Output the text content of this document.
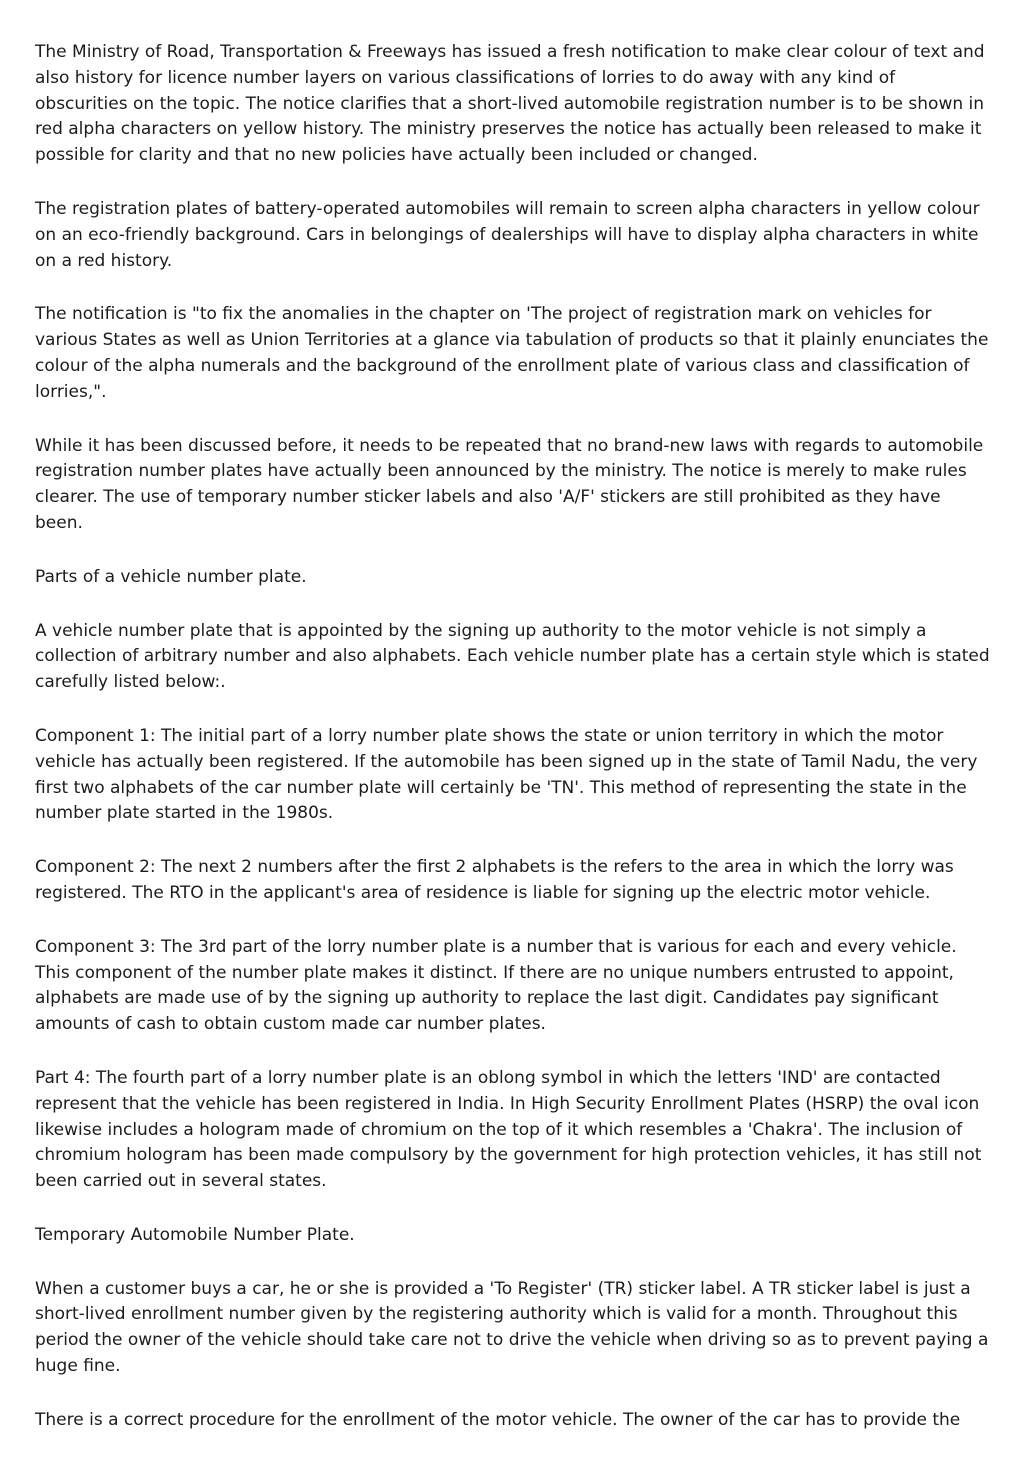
The Ministry of Road, Transportation & Freeways has issued a fresh notification to make clear colour of text and also history for licence number layers on various classifications of lorries to do away with any kind of obscurities on the topic. The notice clarifies that a short-lived automobile registration number is to be shown in red alpha characters on yellow history. The ministry preserves the notice has actually been released to make it possible for clarity and that no new policies have actually been included or changed.

The registration plates of battery-operated automobiles will remain to screen alpha characters in yellow colour on an eco-friendly background. Cars in belongings of dealerships will have to display alpha characters in white on a red history.

The notification is "to fix the anomalies in the chapter on 'The project of registration mark on vehicles for various States as well as Union Territories at a glance via tabulation of products so that it plainly enunciates the colour of the alpha numerals and the background of the enrollment plate of various class and classification of lorries,".

While it has been discussed before, it needs to be repeated that no brand-new laws with regards to automobile registration number plates have actually been announced by the ministry. The notice is merely to make rules clearer. The use of temporary number sticker labels and also 'A/F' stickers are still prohibited as they have been.

Parts of a vehicle number plate.

A vehicle number plate that is appointed by the signing up authority to the motor vehicle is not simply a collection of arbitrary number and also alphabets. Each vehicle number plate has a certain style which is stated carefully listed below:.

Component 1: The initial part of a lorry number plate shows the state or union territory in which the motor vehicle has actually been registered. If the automobile has been signed up in the state of Tamil Nadu, the very first two alphabets of the car number plate will certainly be 'TN'. This method of representing the state in the number plate started in the 1980s.

Component 2: The next 2 numbers after the first 2 alphabets is the refers to the area in which the lorry was registered. The RTO in the applicant's area of residence is liable for signing up the electric motor vehicle.

Component 3: The 3rd part of the lorry number plate is a number that is various for each and every vehicle. This component of the number plate makes it distinct. If there are no unique numbers entrusted to appoint, alphabets are made use of by the signing up authority to replace the last digit. Candidates pay significant amounts of cash to obtain custom made car number plates.

Part 4: The fourth part of a lorry number plate is an oblong symbol in which the letters 'IND' are contacted represent that the vehicle has been registered in India. In High Security Enrollment Plates (HSRP) the oval icon likewise includes a hologram made of chromium on the top of it which resembles a 'Chakra'. The inclusion of chromium hologram has been made compulsory by the government for high protection vehicles, it has still not been carried out in several states.

Temporary Automobile Number Plate.

When a customer buys a car, he or she is provided a 'To Register' (TR) sticker label. A TR sticker label is just a short-lived enrollment number given by the registering authority which is valid for a month. Throughout this period the owner of the vehicle should take care not to drive the vehicle when driving so as to prevent paying a huge fine.

There is a correct procedure for the enrollment of the motor vehicle. The owner of the car has to provide the
